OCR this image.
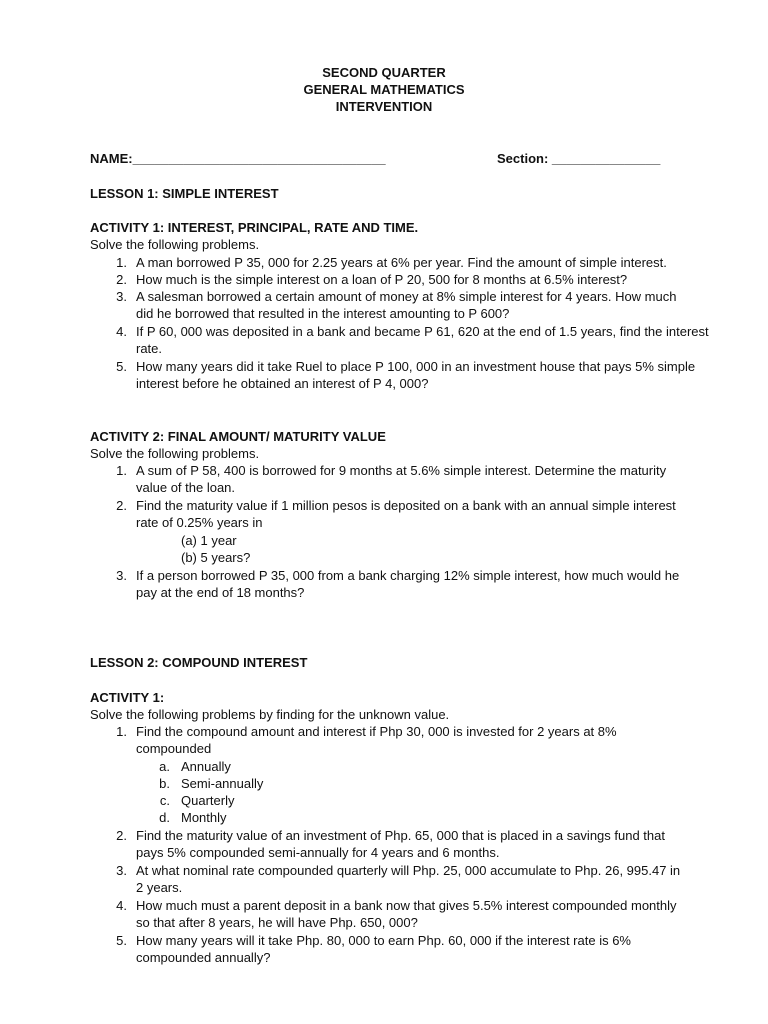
SECOND QUARTER
GENERAL MATHEMATICS
INTERVENTION
NAME:___________________________________	Section: _______________
LESSON 1: SIMPLE INTEREST
ACTIVITY 1: INTEREST, PRINCIPAL, RATE AND TIME.
Solve the following problems.
1. A man borrowed P 35, 000 for 2.25 years at 6% per year. Find the amount of simple interest.
2. How much is the simple interest on a loan of P 20, 500 for 8 months at 6.5% interest?
3. A salesman borrowed a certain amount of money at 8% simple interest for 4 years. How much
did he borrowed that resulted in the interest amounting to P 600?
4. If P 60, 000 was deposited in a bank and became P 61, 620 at the end of 1.5 years, find the interest
rate.
5. How many years did it take Ruel to place P 100, 000 in an investment house that pays 5% simple
interest before he obtained an interest of P 4, 000?
ACTIVITY 2: FINAL AMOUNT/ MATURITY VALUE
Solve the following problems.
1. A sum of P 58, 400 is borrowed for 9 months at 5.6% simple interest. Determine the maturity
value of the loan.
2. Find the maturity value if 1 million pesos is deposited on a bank with an annual simple interest
rate of 0.25% years in
(a) 1 year
(b) 5 years?
3. If a person borrowed P 35, 000 from a bank charging 12% simple interest, how much would he
pay at the end of 18 months?
LESSON 2: COMPOUND INTEREST
ACTIVITY 1:
Solve the following problems by finding for the unknown value.
1. Find the compound amount and interest if Php 30, 000 is invested for 2 years at 8%
compounded
a. Annually
b. Semi-annually
c. Quarterly
d. Monthly
2. Find the maturity value of an investment of Php. 65, 000 that is placed in a savings fund that
pays 5% compounded semi-annually for 4 years and 6 months.
3. At what nominal rate compounded quarterly will Php. 25, 000 accumulate to Php. 26, 995.47 in
2 years.
4. How much must a parent deposit in a bank now that gives 5.5% interest compounded monthly
so that after 8 years, he will have Php. 650, 000?
5. How many years will it take Php. 80, 000 to earn Php. 60, 000 if the interest rate is 6%
compounded annually?
